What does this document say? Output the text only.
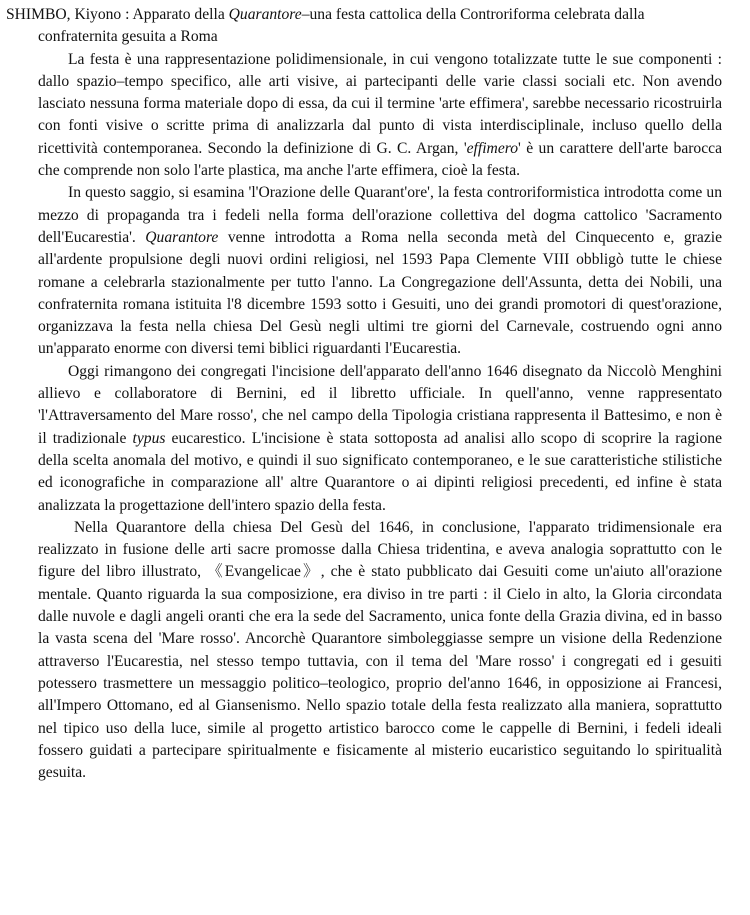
SHIMBO, Kiyono : Apparato della Quarantore–una festa cattolica della Controriforma celebrata dalla confraternita gesuita a Roma

La festa è una rappresentazione polidimensionale, in cui vengono totalizzate tutte le sue componenti : dallo spazio–tempo specifico, alle arti visive, ai partecipanti delle varie classi sociali etc. Non avendo lasciato nessuna forma materiale dopo di essa, da cui il termine 'arte effimera', sarebbe necessario ricostruirla con fonti visive o scritte prima di analizzarla dal punto di vista interdisciplinale, incluso quello della ricettività contemporanea. Secondo la definizione di G. C. Argan, 'effimero' è un carattere dell'arte barocca che comprende non solo l'arte plastica, ma anche l'arte effimera, cioè la festa.

In questo saggio, si esamina 'l'Orazione delle Quarant'ore', la festa controriformistica introdotta come un mezzo di propaganda tra i fedeli nella forma dell'orazione collettiva del dogma cattolico 'Sacramento dell'Eucarestia'. Quarantore venne introdotta a Roma nella seconda metà del Cinquecento e, grazie all'ardente propulsione degli nuovi ordini religiosi, nel 1593 Papa Clemente VIII obbligò tutte le chiese romane a celebrarla stazionalmente per tutto l'anno. La Congregazione dell'Assunta, detta dei Nobili, una confraternita romana istituita l'8 dicembre 1593 sotto i Gesuiti, uno dei grandi promotori di quest'orazione, organizzava la festa nella chiesa Del Gesù negli ultimi tre giorni del Carnevale, costruendo ogni anno un'apparato enorme con diversi temi biblici riguardanti l'Eucarestia.

Oggi rimangono dei congregati l'incisione dell'apparato dell'anno 1646 disegnato da Niccolò Menghini allievo e collaboratore di Bernini, ed il libretto ufficiale. In quell'anno, venne rappresentato 'l'Attraversamento del Mare rosso', che nel campo della Tipologia cristiana rappresenta il Battesimo, e non è il tradizionale typus eucarestico. L'incisione è stata sottoposta ad analisi allo scopo di scoprire la ragione della scelta anomala del motivo, e quindi il suo significato contemporaneo, e le sue caratteristiche stilistiche ed iconografiche in comparazione all' altre Quarantore o ai dipinti religiosi precedenti, ed infine è stata analizzata la progettazione dell'intero spazio della festa.

Nella Quarantore della chiesa Del Gesù del 1646, in conclusione, l'apparato tridimensionale era realizzato in fusione delle arti sacre promosse dalla Chiesa tridentina, e aveva analogia soprattutto con le figure del libro illustrato, 《Evangelicae》, che è stato pubblicato dai Gesuiti come un'aiuto all'orazione mentale. Quanto riguarda la sua composizione, era diviso in tre parti : il Cielo in alto, la Gloria circondata dalle nuvole e dagli angeli oranti che era la sede del Sacramento, unica fonte della Grazia divina, ed in basso la vasta scena del 'Mare rosso'. Ancorchè Quarantore simboleggiasse sempre un visione della Redenzione attraverso l'Eucarestia, nel stesso tempo tuttavia, con il tema del 'Mare rosso' i congregati ed i gesuiti potessero trasmettere un messaggio politico–teologico, proprio del'anno 1646, in opposizione ai Francesi, all'Impero Ottomano, ed al Giansenismo. Nello spazio totale della festa realizzato alla maniera, soprattutto nel tipico uso della luce, simile al progetto artistico barocco come le cappelle di Bernini, i fedeli ideali fossero guidati a partecipare spiritualmente e fisicamente al misterio eucaristico seguitando lo spiritualità gesuita.
